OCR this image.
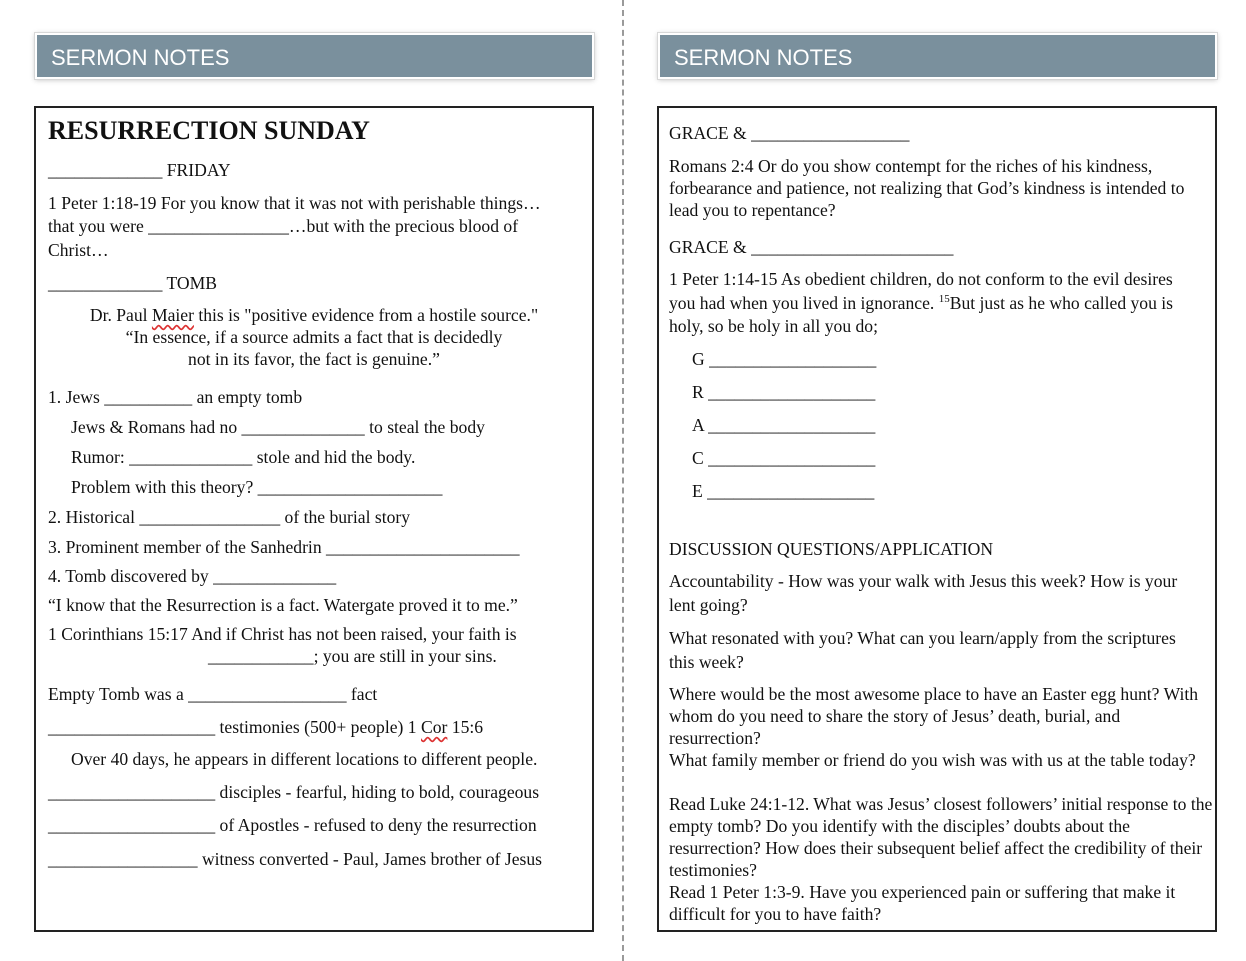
SERMON NOTES
RESURRECTION SUNDAY
_____________ FRIDAY
1 Peter 1:18-19 For you know that it was not with perishable things…
that you were ________________…but with the precious blood of
Christ…
_____________ TOMB
Dr. Paul Maier this is "positive evidence from a hostile source."
“In essence, if a source admits a fact that is decidedly
not in its favor, the fact is genuine.”
1. Jews __________ an empty tomb
Jews & Romans had no ______________ to steal the body
Rumor: ______________ stole and hid the body.
Problem with this theory? _____________________
2. Historical ________________ of the burial story
3. Prominent member of the Sanhedrin ______________________
4. Tomb discovered by ______________
“I know that the Resurrection is a fact. Watergate proved it to me.”
1 Corinthians 15:17 And if Christ has not been raised, your faith is
____________; you are still in your sins.
Empty Tomb was a __________________ fact
___________________ testimonies (500+ people) 1 Cor 15:6
Over 40 days, he appears in different locations to different people.
___________________ disciples - fearful, hiding to bold, courageous
___________________ of Apostles - refused to deny the resurrection
_________________ witness converted - Paul, James brother of Jesus
SERMON NOTES
GRACE & __________________
Romans 2:4 Or do you show contempt for the riches of his kindness, forbearance and patience, not realizing that God’s kindness is intended to lead you to repentance?
GRACE & _______________________
1 Peter 1:14-15 As obedient children, do not conform to the evil desires you had when you lived in ignorance. $^{15}$But just as he who called you is holy, so be holy in all you do;
G ___________________
R ___________________
A ___________________
C ___________________
E ___________________
DISCUSSION QUESTIONS/APPLICATION
Accountability - How was your walk with Jesus this week? How is your lent going?
What resonated with you? What can you learn/apply from the scriptures this week?
Where would be the most awesome place to have an Easter egg hunt? With whom do you need to share the story of Jesus’ death, burial, and resurrection?
What family member or friend do you wish was with us at the table today?
Read Luke 24:1-12. What was Jesus’ closest followers’ initial response to the empty tomb? Do you identify with the disciples’ doubts about the resurrection? How does their subsequent belief affect the credibility of their testimonies?
Read 1 Peter 1:3-9. Have you experienced pain or suffering that make it difficult for you to have faith?
